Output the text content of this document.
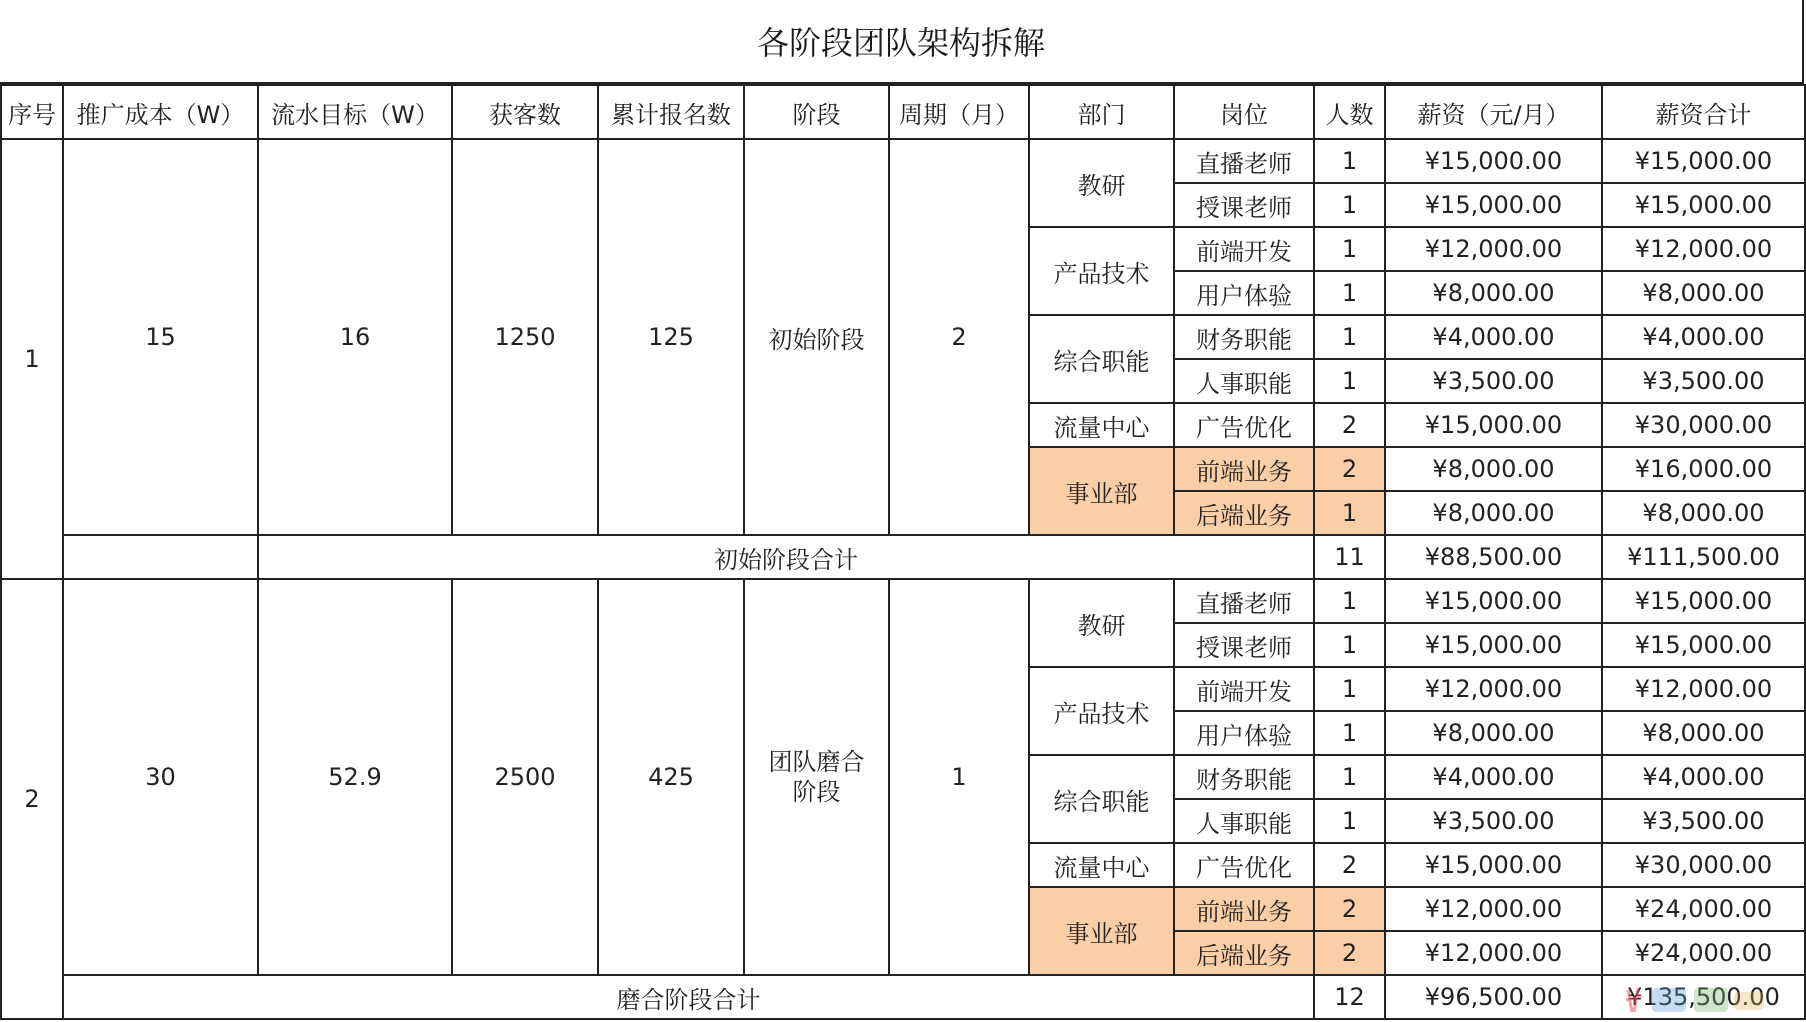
各阶段团队架构拆解
序号	推广成本（W）	流水目标（W）	获客数	累计报名数	阶段	周期（月）	部门	岗位	人数	薪资（元/月）	薪资合计
1	15	16	1250	125	初始阶段	2	教研	直播老师	1	¥15,000.00	¥15,000.00
								授课老师	1	¥15,000.00	¥15,000.00
							产品技术	前端开发	1	¥12,000.00	¥12,000.00
								用户体验	1	¥8,000.00	¥8,000.00
							综合职能	财务职能	1	¥4,000.00	¥4,000.00
								人事职能	1	¥3,500.00	¥3,500.00
							流量中心	广告优化	2	¥15,000.00	¥30,000.00
							事业部	前端业务	2	¥8,000.00	¥16,000.00
								后端业务	1	¥8,000.00	¥8,000.00
		初始阶段合计							11	¥88,500.00	¥111,500.00
2	30	52.9	2500	425	团队磨合阶段	1	教研	直播老师	1	¥15,000.00	¥15,000.00
								授课老师	1	¥15,000.00	¥15,000.00
							产品技术	前端开发	1	¥12,000.00	¥12,000.00
								用户体验	1	¥8,000.00	¥8,000.00
							综合职能	财务职能	1	¥4,000.00	¥4,000.00
								人事职能	1	¥3,500.00	¥3,500.00
							流量中心	广告优化	2	¥15,000.00	¥30,000.00
							事业部	前端业务	2	¥12,000.00	¥24,000.00
								后端业务	2	¥12,000.00	¥24,000.00
	磨合阶段合计								12	¥96,500.00	¥135,500.00
